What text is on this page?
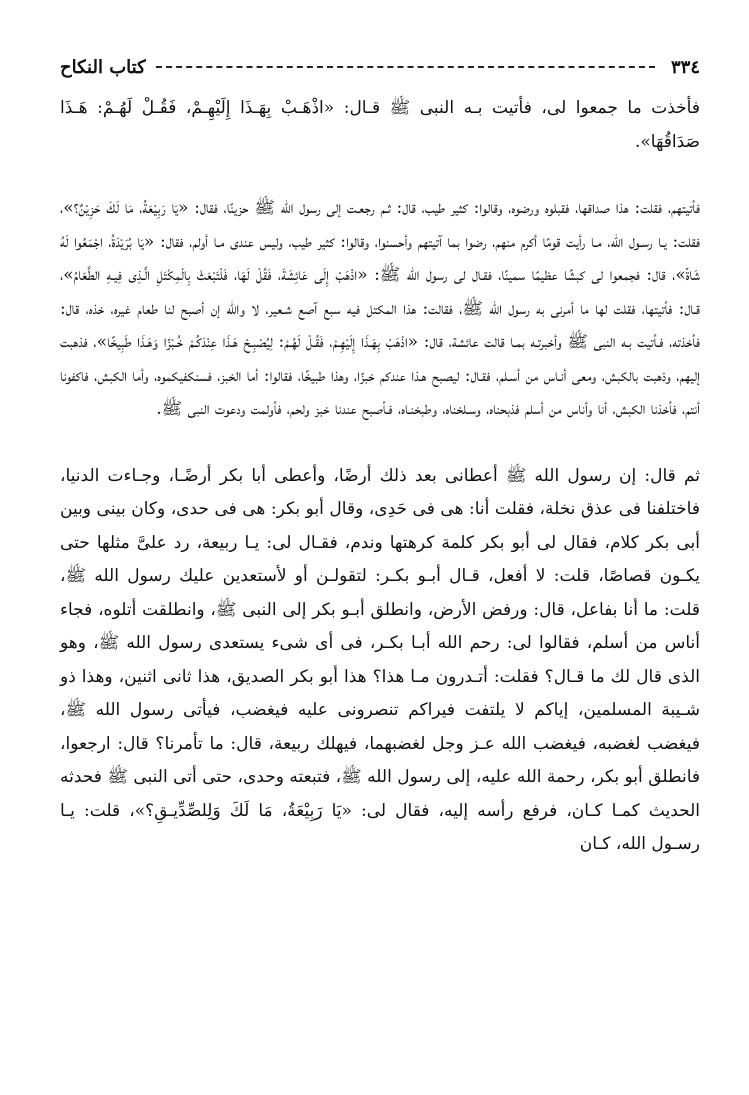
٣٣٤
كتاب النكاح

فأخذت ما جمعوا لى، فأتيت بـه النبى ﷺ قـال: «اذْهَـبْ بِهَـذَا إِلَيْهِـمْ، فَقُـلْ لَهُـمْ: هَـذَا صَدَاقُهَا».

فأتيتهم، فقلت: هذا صداقها، فقبلوه ورضوه، وقالوا: كثير طيب، قال: ثـم رجعـت إلى رسول الله ﷺ حزينًا، فقال: «يَا رَبِيْعَةُ، مَا لَكَ حَزِيْنٌ؟»، فقلت: يـا رسـول الله، مـا رأيت قومًا أكرم منهم، رضوا بما آتيتهم وأحسنوا، وقالوا: كثير طيب، وليس عندى مـا أولم، فقال: «يَا بُرَيْدَةُ، اجْمَعُوا لَهُ شَاةً»، قال: فجمعوا لى كبشًا عظيمًا سمينًا، فقـال لى رسول الله ﷺ: «اذْهَبْ إِلَى عَائِشَةَ، فَقُلْ لَهَا، فَلْتَبْعَثْ بِالْمِكْتَلِ الَّـذِى فِيـهِ الطَّعَامُ»، قـال: فأتيتها، فقلت لها ما أمرنى به رسول الله ﷺ، فقالت: هذا المكتل فيه سبع آصع شـعير، لا والله إن أصبح لنا طعام غيره، خذه، قال: فأخذته، فـأتيت بـه النبى ﷺ وأخبرتـه بمـا قالت عائشة، قال: «اذْهَبْ بِهَـذَا إِلَيْهِـمْ، فَقُـلْ لَهُـمْ: لِيُصْبِـحْ هَـذَا عِنْدَكُـمْ خُـبْزًا وَهَـذَا طَبِيخًا»، فذهبت إليهم، وذهبت بالكبش، ومعى أنـاس من أسـلم، فقـال: ليصبح هـذا عندكم خبزًا، وهذا طبيخًا، فقالوا: أما الخبز، فسنكفيكموه، وأما الكبش، فاكفونا أنتم، فأخذنا الكبش، أنا وأناس من أسلم فذبحناه، وسـلخناه، وطبخنـاه، فـأصبح عندنا خبز ولحم، فأولمت ودعوت النبى ﷺ.

ثم قال: إن رسول الله ﷺ أعطانى بعد ذلك أرضًا، وأعطى أبا بكر أرضًـا، وجـاءت الدنيا، فاختلفنا فى عذق نخلة، فقلت أنا: هى فى حَدِى، وقال أبو بكر: هى فى حدى، وكان بينى وبين أبى بكر كلام، فقال لى أبو بكر كلمة كرهتها وندم، فقـال لى: يـا ربيعة، رد علىَّ مثلها حتى يكـون قصاصًا، قلت: لا أفعل، قـال أبـو بكـر: لتقولـن أو لأستعدين عليك رسول الله ﷺ، قلت: ما أنا بفاعل، قال: ورفض الأرض، وانطلق أبـو بكر إلى النبى ﷺ، وانطلقت أتلوه، فجاء أناس من أسلم، فقالوا لى: رحم الله أبـا بكـر، فى أى شىء يستعدى رسول الله ﷺ، وهو الذى قال لك ما قـال؟ فقلت: أتـدرون مـا هذا؟ هذا أبو بكر الصديق، هذا ثانى اثنين، وهذا ذو شـيبة المسلمين، إياكم لا يلتفت فيراكم تنصرونى عليه فيغضب، فيأتى رسول الله ﷺ، فيغضب لغضبه، فيغضب الله عـز وجل لغضبهما، فيهلك ربيعة، قال: ما تأمرنا؟ قال: ارجعوا، فانطلق أبو بكر، رحمة الله عليه، إلى رسول الله ﷺ، فتبعته وحدى، حتى أتى النبى ﷺ فحدثه الحديث كمـا كـان، فرفع رأسه إليه، فقال لى: «يَا رَبِيْعَةُ، مَا لَكَ وَلِلصِّدِّيـقِ؟»، قلت: يـا رسـول الله، كـان
